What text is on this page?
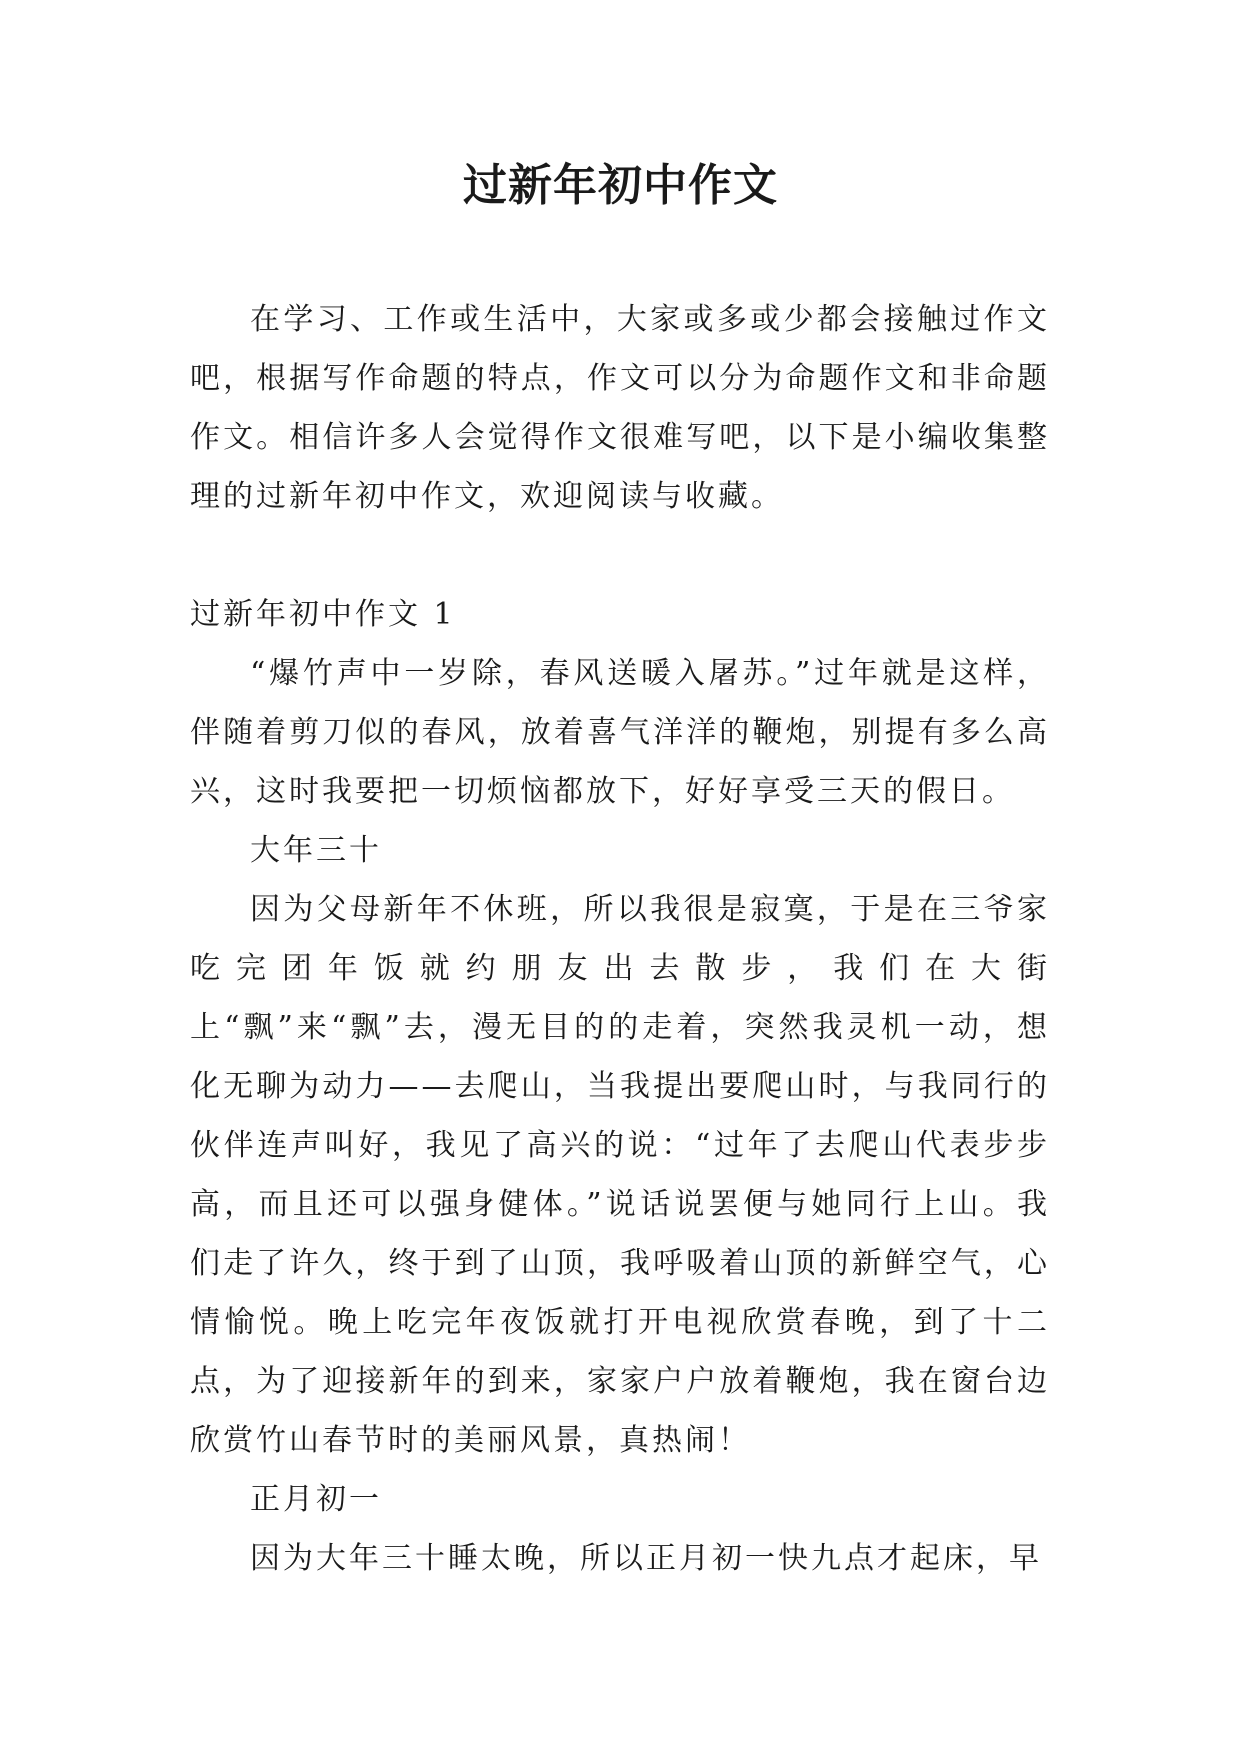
过新年初中作文

在学习、工作或生活中，大家或多或少都会接触过作文吧，根据写作命题的特点，作文可以分为命题作文和非命题作文。相信许多人会觉得作文很难写吧，以下是小编收集整理的过新年初中作文，欢迎阅读与收藏。

过新年初中作文 1

“爆竹声中一岁除，春风送暖入屠苏。”过年就是这样，伴随着剪刀似的春风，放着喜气洋洋的鞭炮，别提有多么高兴，这时我要把一切烦恼都放下，好好享受三天的假日。

大年三十

因为父母新年不休班，所以我很是寂寞，于是在三爷家吃完团年饭就约朋友出去散步，我们在大街上“飘”来“飘”去，漫无目的的走着，突然我灵机一动，想化无聊为动力——去爬山，当我提出要爬山时，与我同行的伙伴连声叫好，我见了高兴的说：“过年了去爬山代表步步高，而且还可以强身健体。”说话说罢便与她同行上山。我们走了许久，终于到了山顶，我呼吸着山顶的新鲜空气，心情愉悦。晚上吃完年夜饭就打开电视欣赏春晚，到了十二点，为了迎接新年的到来，家家户户放着鞭炮，我在窗台边欣赏竹山春节时的美丽风景，真热闹！

正月初一

因为大年三十睡太晚，所以正月初一快九点才起床，早
